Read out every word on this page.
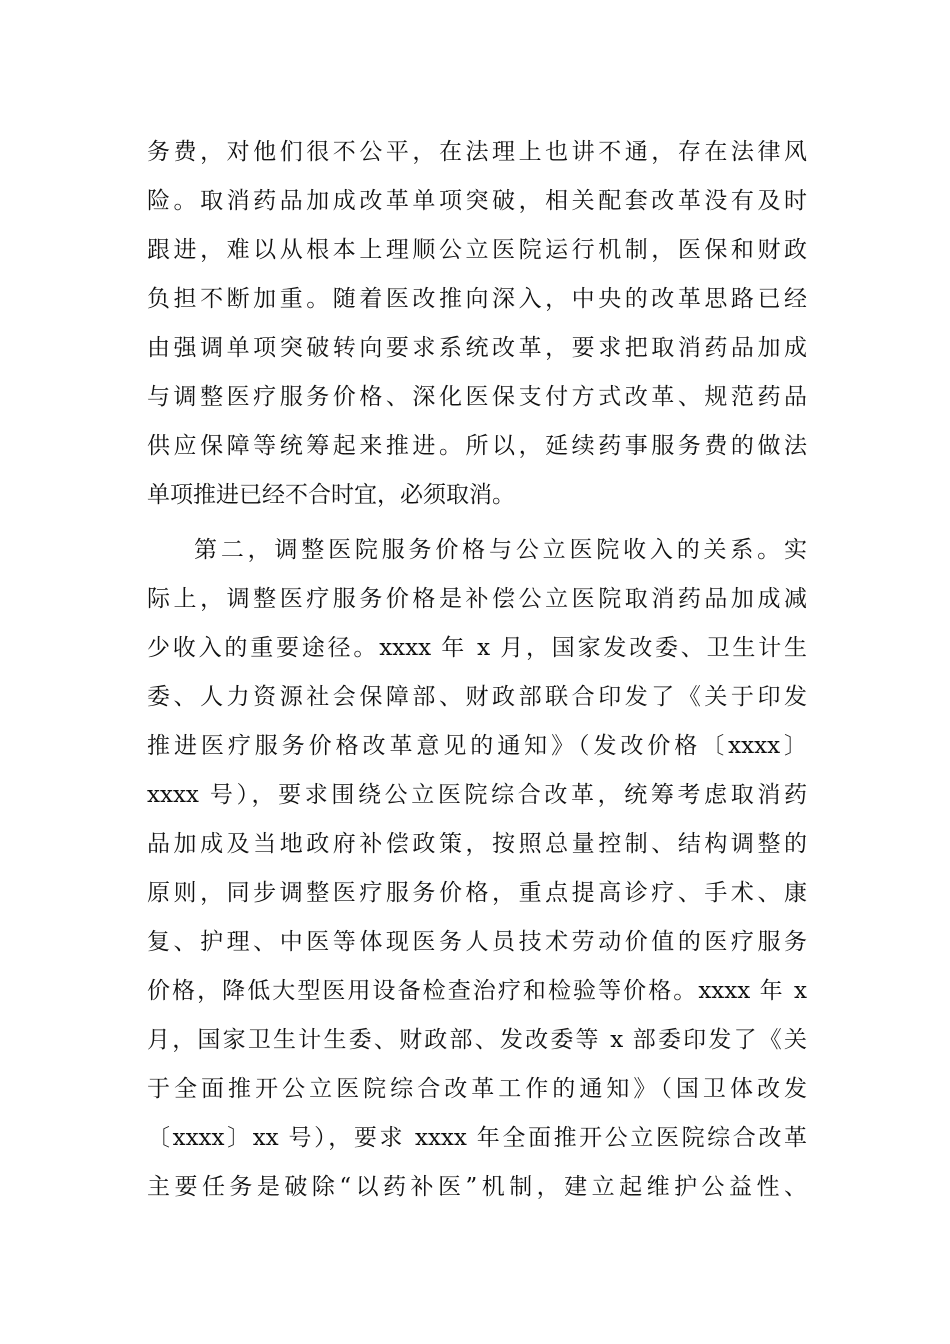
务费，对他们很不公平，在法理上也讲不通，存在法律风
险。取消药品加成改革单项突破，相关配套改革没有及时
跟进，难以从根本上理顺公立医院运行机制，医保和财政
负担不断加重。随着医改推向深入，中央的改革思路已经
由强调单项突破转向要求系统改革，要求把取消药品加成
与调整医疗服务价格、深化医保支付方式改革、规范药品
供应保障等统筹起来推进。所以，延续药事服务费的做法
单项推进已经不合时宜，必须取消。
第二，调整医院服务价格与公立医院收入的关系。实
际上，调整医疗服务价格是补偿公立医院取消药品加成减
少收入的重要途径。xxxx 年 x 月，国家发改委、卫生计生
委、人力资源社会保障部、财政部联合印发了《关于印发
推进医疗服务价格改革意见的通知》（发改价格〔xxxx〕
xxxx 号），要求围绕公立医院综合改革，统筹考虑取消药
品加成及当地政府补偿政策，按照总量控制、结构调整的
原则，同步调整医疗服务价格，重点提高诊疗、手术、康
复、护理、中医等体现医务人员技术劳动价值的医疗服务
价格，降低大型医用设备检查治疗和检验等价格。xxxx 年 x
月，国家卫生计生委、财政部、发改委等 x 部委印发了《关
于全面推开公立医院综合改革工作的通知》（国卫体改发
〔xxxx〕xx 号），要求 xxxx 年全面推开公立医院综合改革
主要任务是破除“以药补医”机制，建立起维护公益性、
